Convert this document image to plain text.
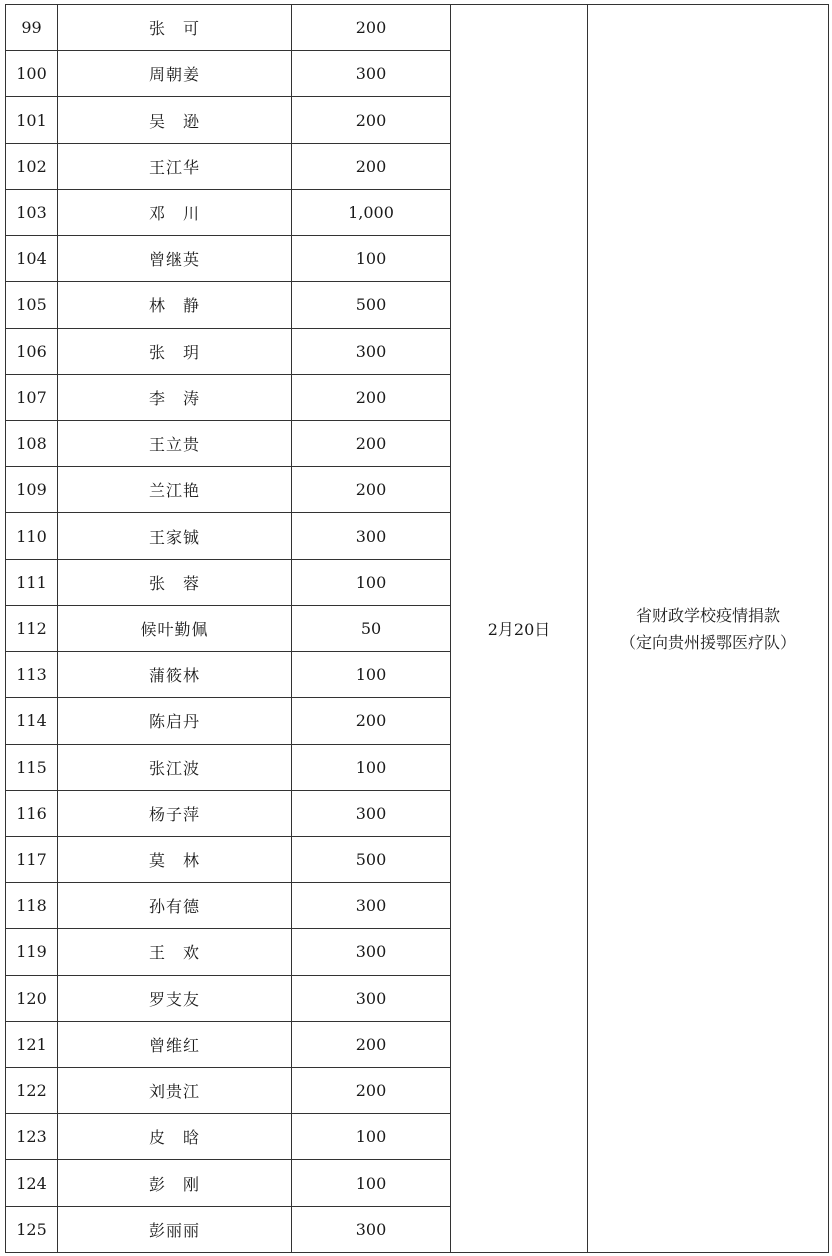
99	张　可	200	2月20日	省财政学校疫情捐款
（定向贵州援鄂医疗队）

100	周朝姜	300		
101	吴　逊	200		
102	王江华	200		
103	邓　川	1,000		
104	曾继英	100		
105	林　静	500		
106	张　玥	300		
107	李　涛	200		
108	王立贵	200		
109	兰江艳	200		
110	王家铖	300		
111	张　蓉	100		
112	候叶勤佩	50		
113	蒲筱林	100		
114	陈启丹	200		
115	张江波	100		
116	杨子萍	300		
117	莫　林	500		
118	孙有德	300		
119	王　欢	300		
120	罗支友	300		
121	曾维红	200		
122	刘贵江	200		
123	皮　晗	100		
124	彭　刚	100		
125	彭丽丽	300		
